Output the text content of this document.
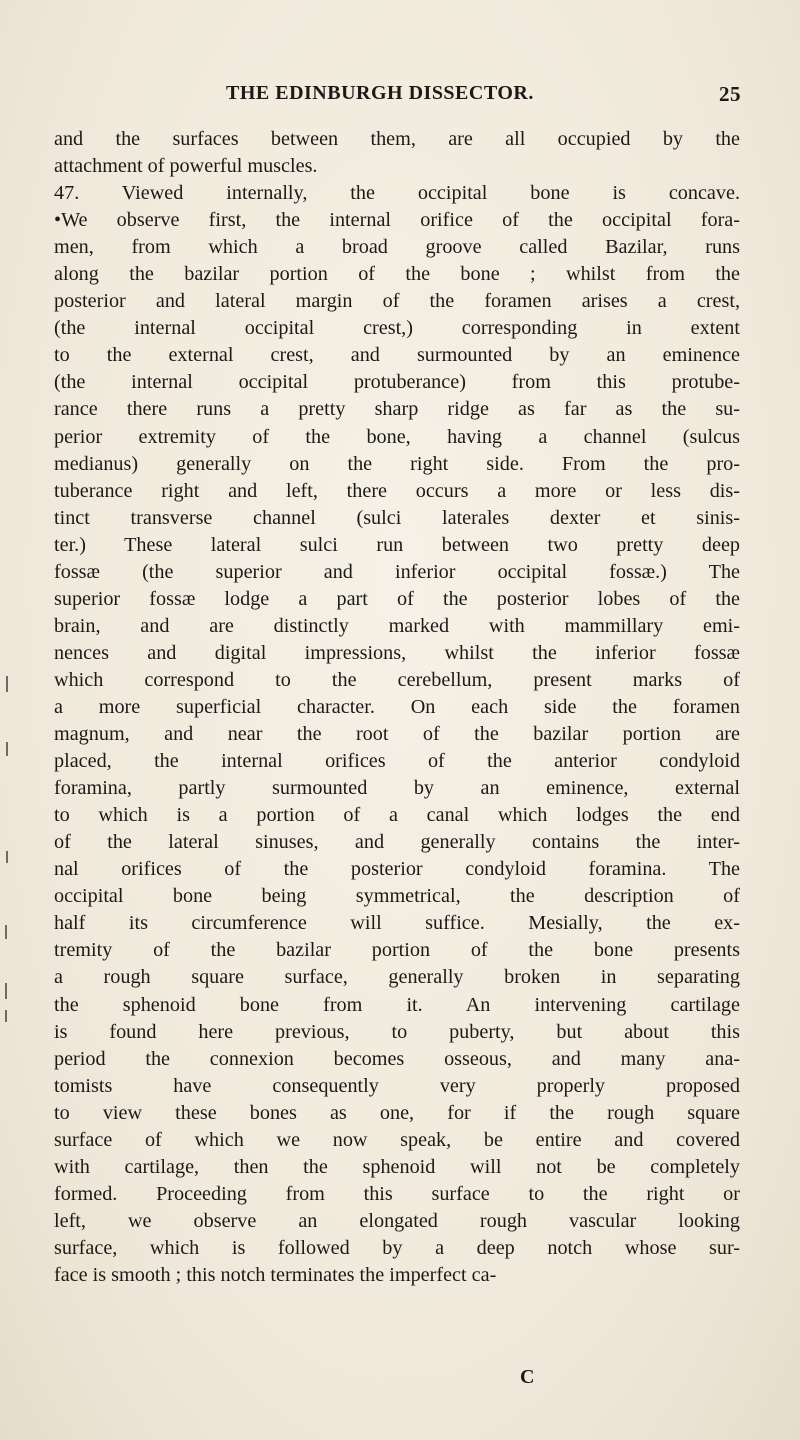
THE EDINBURGH DISSECTOR.	25
and the surfaces between them, are all occupied by the
attachment of powerful muscles.
47. Viewed internally, the occipital bone is concave.
•We observe first, the internal orifice of the occipital fora-
men, from which a broad groove called Bazilar, runs
along the bazilar portion of the bone ; whilst from the
posterior and lateral margin of the foramen arises a crest,
(the internal occipital crest,) corresponding in extent
to the external crest, and surmounted by an eminence
(the internal occipital protuberance) from this protube-
rance there runs a pretty sharp ridge as far as the su-
perior extremity of the bone, having a channel (sulcus
medianus) generally on the right side. From the pro-
tuberance right and left, there occurs a more or less dis-
tinct transverse channel (sulci laterales dexter et sinis-
ter.) These lateral sulci run between two pretty deep
fossæ (the superior and inferior occipital fossæ.) The
superior fossæ lodge a part of the posterior lobes of the
brain, and are distinctly marked with mammillary emi-
nences and digital impressions, whilst the inferior fossæ
which correspond to the cerebellum, present marks of
a more superficial character. On each side the foramen
magnum, and near the root of the bazilar portion are
placed, the internal orifices of the anterior condyloid
foramina, partly surmounted by an eminence, external
to which is a portion of a canal which lodges the end
of the lateral sinuses, and generally contains the inter-
nal orifices of the posterior condyloid foramina. The
occipital bone being symmetrical, the description of
half its circumference will suffice. Mesially, the ex-
tremity of the bazilar portion of the bone presents
a rough square surface, generally broken in separating
the sphenoid bone from it. An intervening cartilage
is found here previous, to puberty, but about this
period the connexion becomes osseous, and many ana-
tomists have consequently very properly proposed
to view these bones as one, for if the rough square
surface of which we now speak, be entire and covered
with cartilage, then the sphenoid will not be completely
formed. Proceeding from this surface to the right or
left, we observe an elongated rough vascular looking
surface, which is followed by a deep notch whose sur-
face is smooth ; this notch terminates the imperfect ca-
C
